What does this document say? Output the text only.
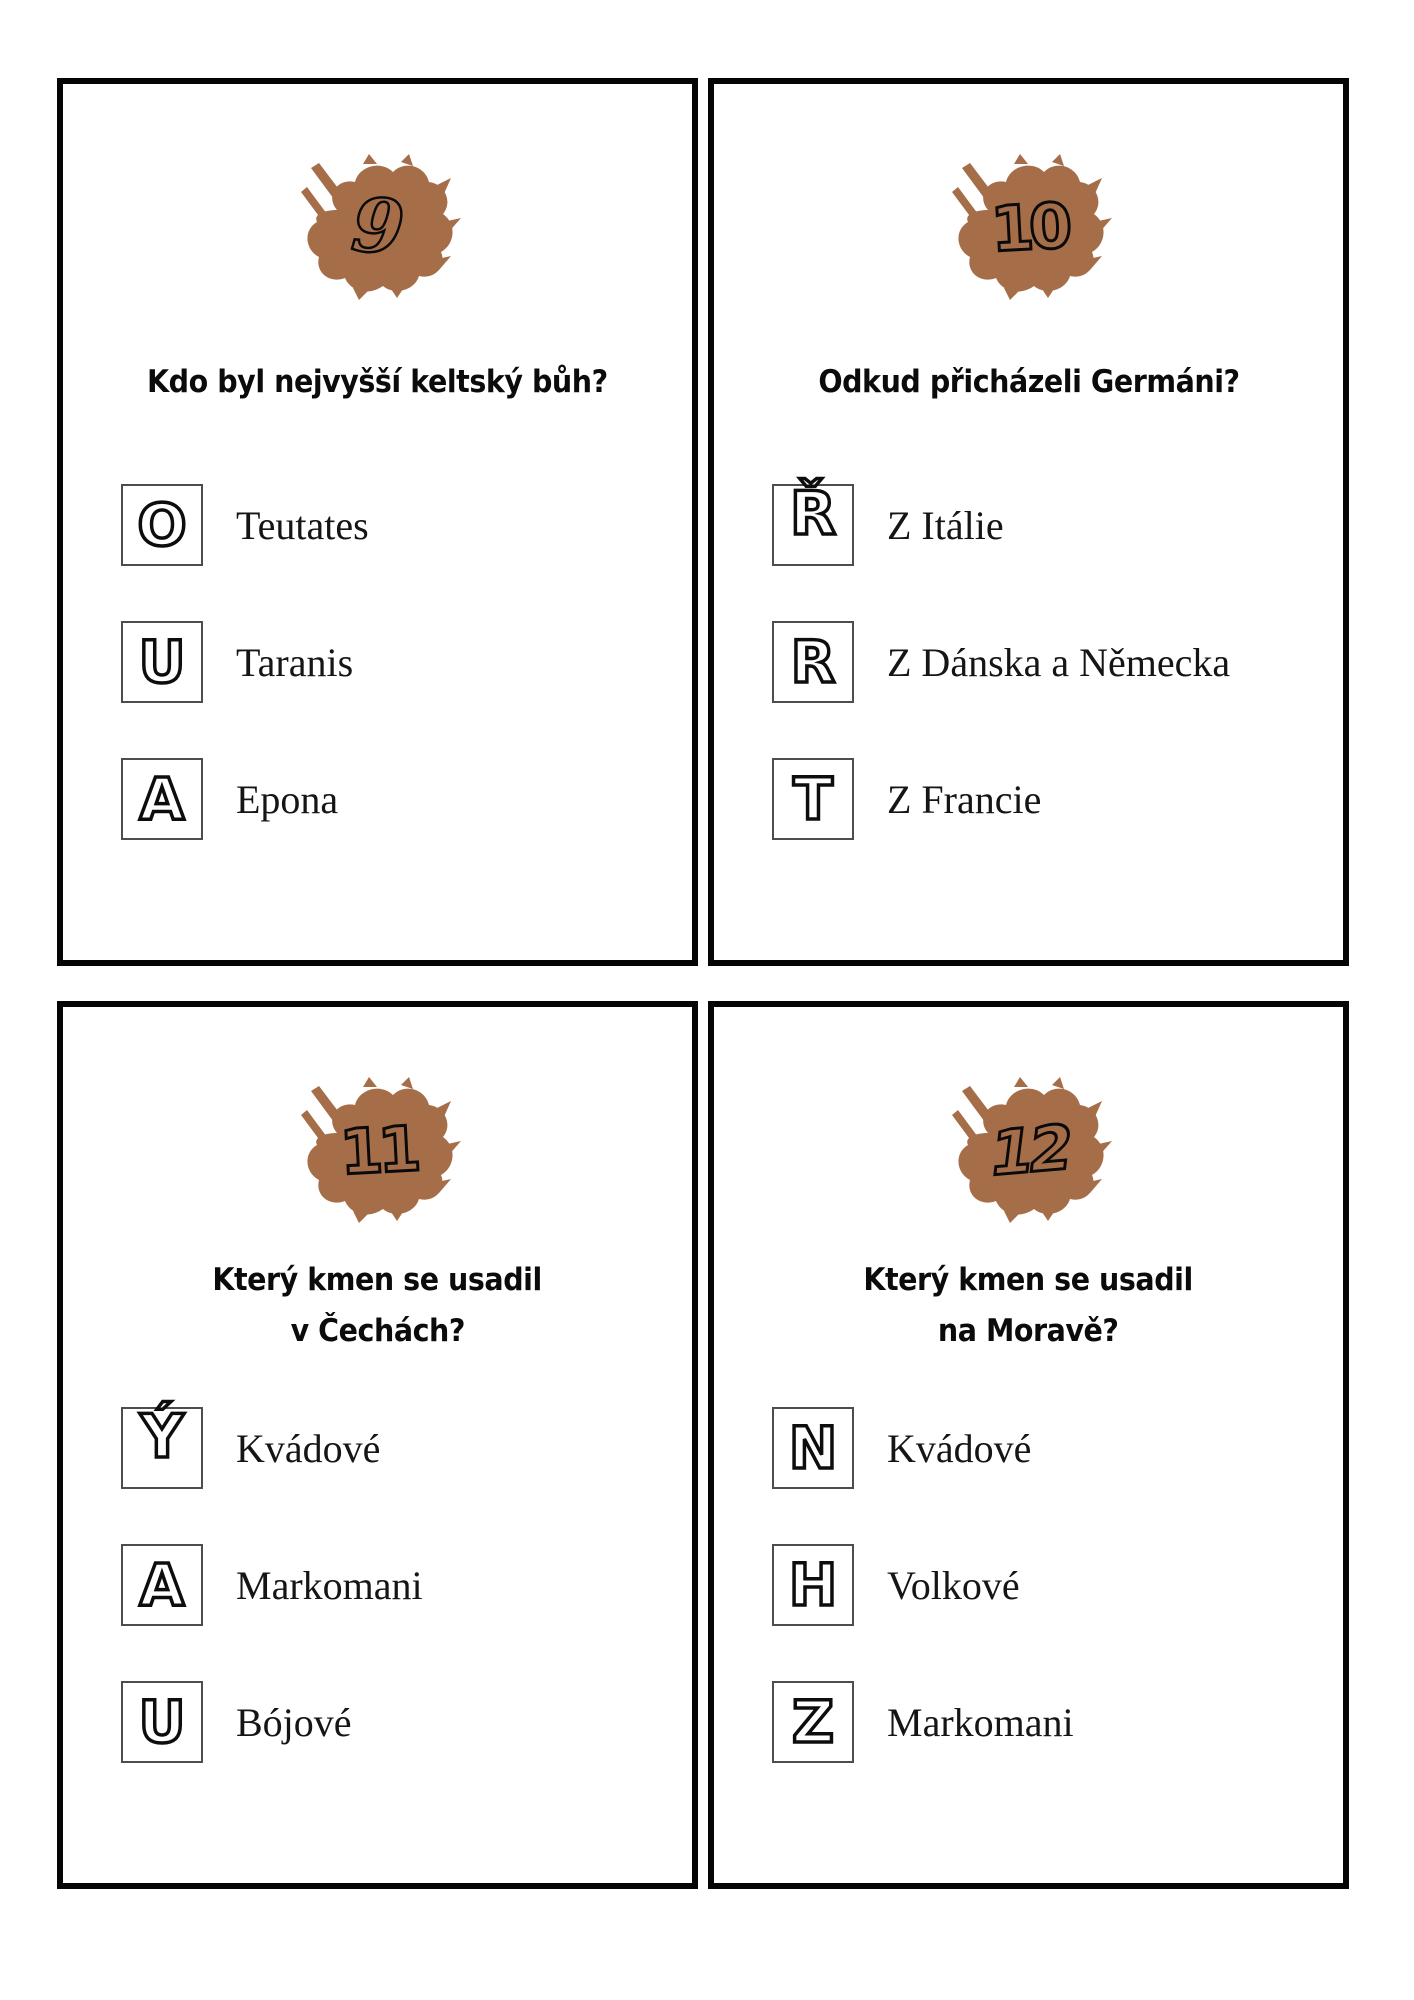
9
Kdo byl nejvyšší keltský bůh?
O Teutates
U Taranis
A Epona
10
Odkud přicházeli Germáni?
Ř Z Itálie
R Z Dánska a Německa
T Z Francie
11
Který kmen se usadil
v Čechách?
Ý Kvádové
A Markomani
U Bójové
12
Který kmen se usadil
na Moravě?
N Kvádové
H Volkové
Z Markomani
